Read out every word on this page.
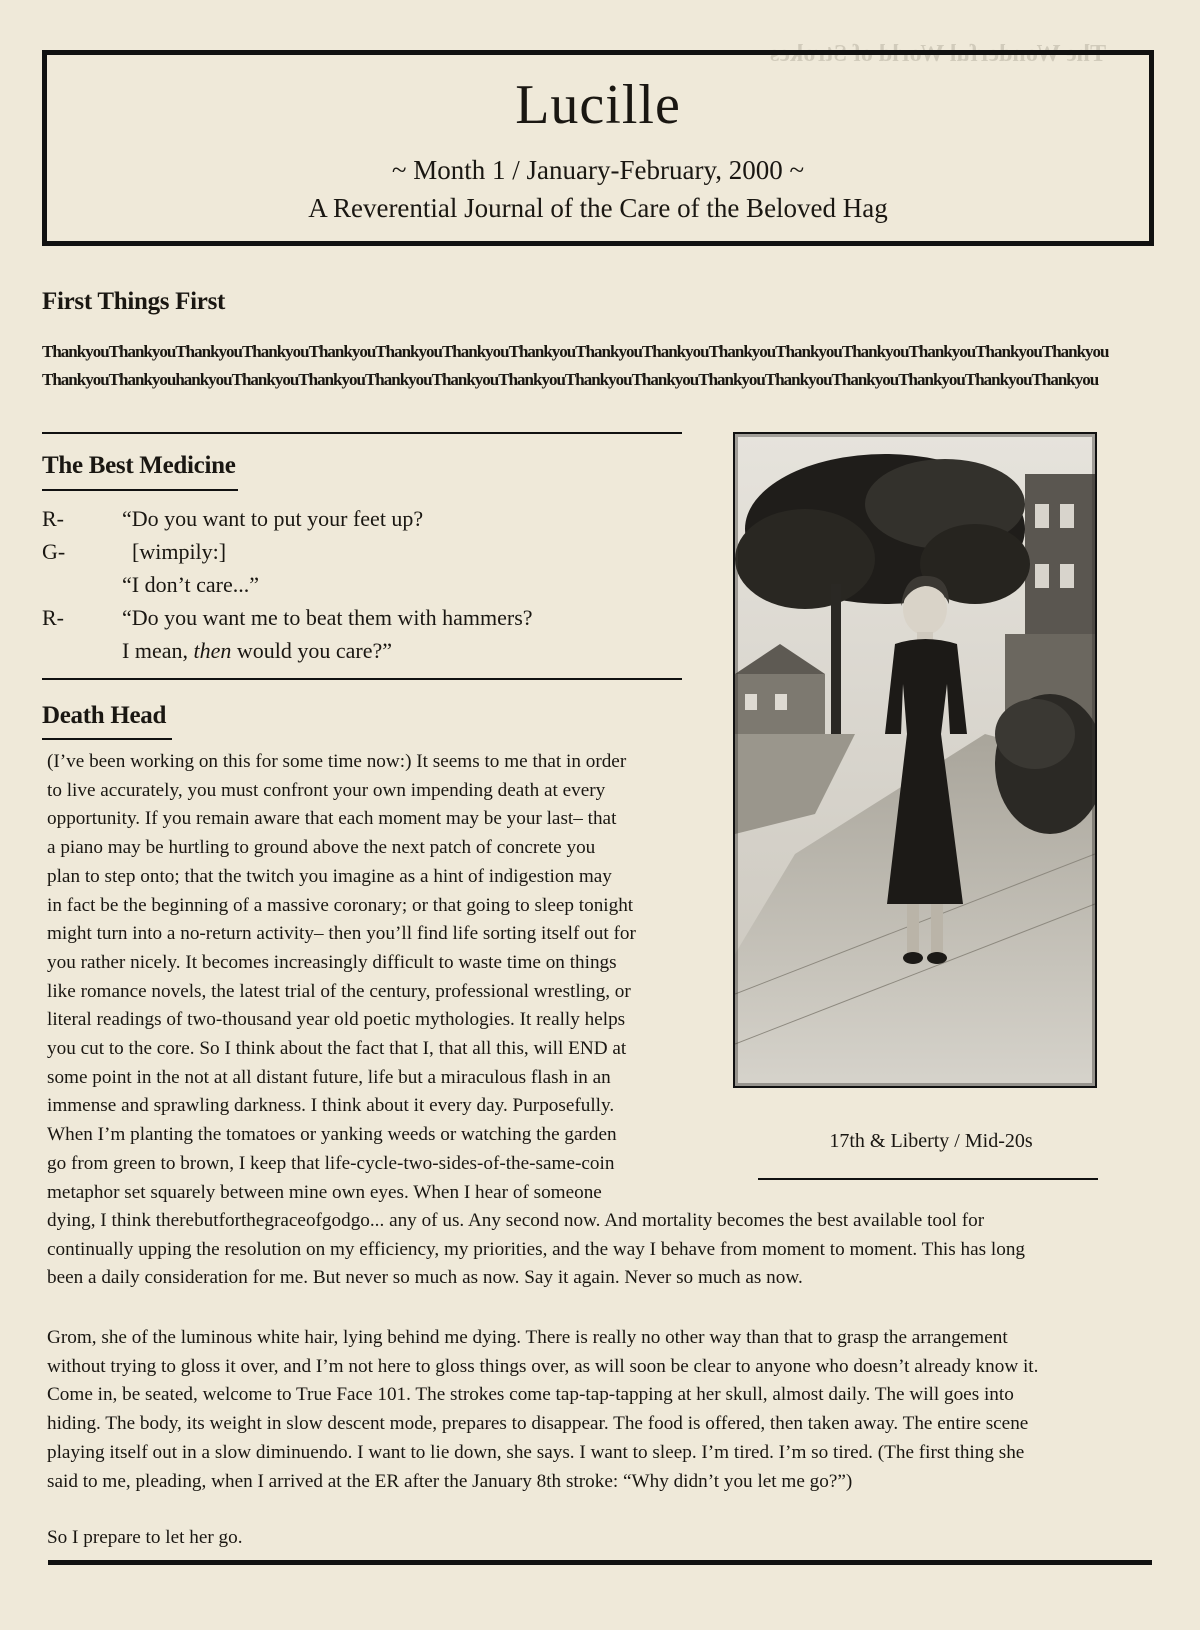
The Wonderful World of Strokes
Lucille
~ Month 1 / January-February, 2000 ~
A Reverential Journal of the Care of the Beloved Hag
First Things First
ThankyouThankyouThankyouThankyouThankyouThankyouThankyouThankyouThankyouThankyouThankyouThankyouThankyouThankyouThankyouThankyou
ThankyouThankyouhankyouThankyouThankyouThankyouThankyouThankyouThankyouThankyouThankyouThankyouThankyouThankyouThankyouThankyou
The Best Medicine
R-	“Do you want to put your feet up?
G-	[wimpily:]
“I don’t care...”
R-	“Do you want me to beat them with hammers?
I mean, then would you care?”
Death Head
(I’ve been working on this for some time now:) It seems to me that in order
to live accurately, you must confront your own impending death at every
opportunity. If you remain aware that each moment may be your last– that
a piano may be hurtling to ground above the next patch of concrete you
plan to step onto; that the twitch you imagine as a hint of indigestion may
in fact be the beginning of a massive coronary; or that going to sleep tonight
might turn into a no-return activity– then you’ll find life sorting itself out for
you rather nicely. It becomes increasingly difficult to waste time on things
like romance novels, the latest trial of the century, professional wrestling, or
literal readings of two-thousand year old poetic mythologies. It really helps
you cut to the core. So I think about the fact that I, that all this, will END at
some point in the not at all distant future, life but a miraculous flash in an
immense and sprawling darkness. I think about it every day. Purposefully.
When I’m planting the tomatoes or yanking weeds or watching the garden
go from green to brown, I keep that life-cycle-two-sides-of-the-same-coin
metaphor set squarely between mine own eyes. When I hear of someone
dying, I think therebutforthegraceofgodgo... any of us. Any second now. And mortality becomes the best available tool for
continually upping the resolution on my efficiency, my priorities, and the way I behave from moment to moment. This has long
been a daily consideration for me. But never so much as now. Say it again. Never so much as now.
Grom, she of the luminous white hair, lying behind me dying. There is really no other way than that to grasp the arrangement
without trying to gloss it over, and I’m not here to gloss things over, as will soon be clear to anyone who doesn’t already know it.
Come in, be seated, welcome to True Face 101. The strokes come tap-tap-tapping at her skull, almost daily. The will goes into
hiding. The body, its weight in slow descent mode, prepares to disappear. The food is offered, then taken away. The entire scene
playing itself out in a slow diminuendo. I want to lie down, she says. I want to sleep. I’m tired. I’m so tired. (The first thing she
said to me, pleading, when I arrived at the ER after the January 8th stroke: “Why didn’t you let me go?”)
So I prepare to let her go.
17th & Liberty / Mid-20s
